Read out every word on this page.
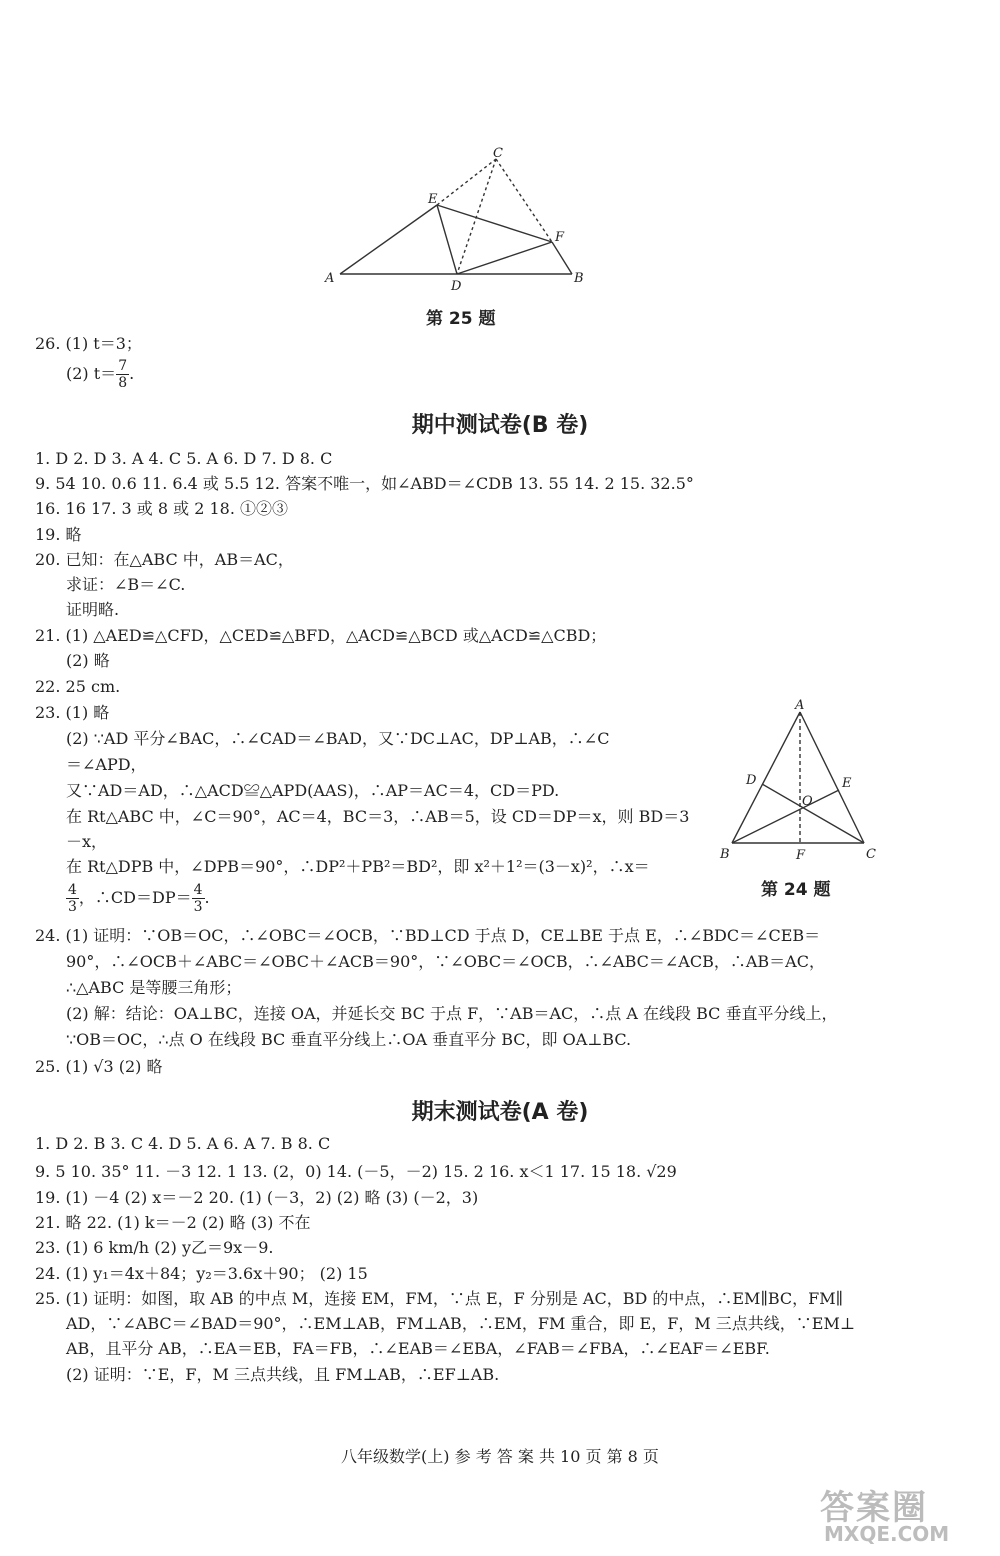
A	B
C
D
E
F
第 25 题
26. (1) t＝3；
(2) $t= \frac{7}{8}$ .
期中测试卷(B 卷)
1. D 2. D 3. A 4. C 5. A 6. D 7. D 8. C
9. 54 10. 0.6 11. 6.4 或 5.5 12. 答案不唯一，如∠ABD＝∠CDB 13. 55 14. 2 15. 32.5°
16. 16 17. 3 或 8 或 2 18. ①②③
19. 略
20. 已知：在△ABC 中，AB＝AC，
求证：∠B＝∠C.
证明略.
21. (1) △AED≌△CFD，△CED≌△BFD，△ACD≌△BCD 或△ACD≌△CBD；
(2) 略
22. 25 cm.
23. (1) 略
(2) ∵AD 平分∠BAC，∴∠CAD＝∠BAD，又∵DC⊥AC，DP⊥AB，∴∠C
＝∠APD，
又∵AD＝AD，∴△ACD≌△APD(AAS)，∴AP＝AC＝4，CD＝PD.
在 Rt△ABC 中，∠C＝90°，AC＝4，BC＝3，∴AB＝5，设 CD＝DP＝x，则 BD＝3
－x，
在 Rt△DPB 中，∠DPB＝90°，∴DP²＋PB²＝BD²，即 x²＋1²＝(3－x)²，∴x＝
$\frac{4}{3}$ ，∴CD＝DP＝ $\frac{4}{3}$ .
A
B	C
D	E
F
O
第 24 题
24. (1) 证明：∵OB＝OC，∴∠OBC＝∠OCB，∵BD⊥CD 于点 D，CE⊥BE 于点 E，∴∠BDC＝∠CEB＝
90°，∴∠OCB＋∠ABC＝∠OBC＋∠ACB＝90°，∵∠OBC＝∠OCB，∴∠ABC＝∠ACB，∴AB＝AC，
∴△ABC 是等腰三角形；
(2) 解：结论：OA⊥BC，连接 OA，并延长交 BC 于点 F，∵AB＝AC，∴点 A 在线段 BC 垂直平分线上，
∵OB＝OC，∴点 O 在线段 BC 垂直平分线上∴OA 垂直平分 BC，即 OA⊥BC.
25. (1) √3 (2) 略
期末测试卷(A 卷)
1. D 2. B 3. C 4. D 5. A 6. A 7. B 8. C
9. 5 10. 35° 11. －3 12. 1 13. (2，0) 14. (－5，－2) 15. 2 16. x＜1 17. 15 18. √29
19. (1) －4 (2) x＝－2 20. (1) (－3，2) (2) 略 (3) (－2，3)
21. 略 22. (1) k＝－2 (2) 略 (3) 不在
23. (1) 6 km/h (2) y乙＝9x－9.
24. (1) y₁＝4x＋84；y₂＝3.6x＋90； (2) 15
25. (1) 证明：如图，取 AB 的中点 M，连接 EM，FM，∵点 E，F 分别是 AC，BD 的中点，∴EM∥BC，FM∥
AD，∵∠ABC＝∠BAD＝90°，∴EM⊥AB，FM⊥AB，∴EM，FM 重合，即 E，F，M 三点共线，∵EM⊥
AB，且平分 AB，∴EA＝EB，FA＝FB，∴∠EAB＝∠EBA，∠FAB＝∠FBA，∴∠EAF＝∠EBF.
(2) 证明：∵E，F，M 三点共线，且 FM⊥AB，∴EF⊥AB.
八年级数学(上) 参 考 答 案 共 10 页 第 8 页
答案圈
MXQE.COM
